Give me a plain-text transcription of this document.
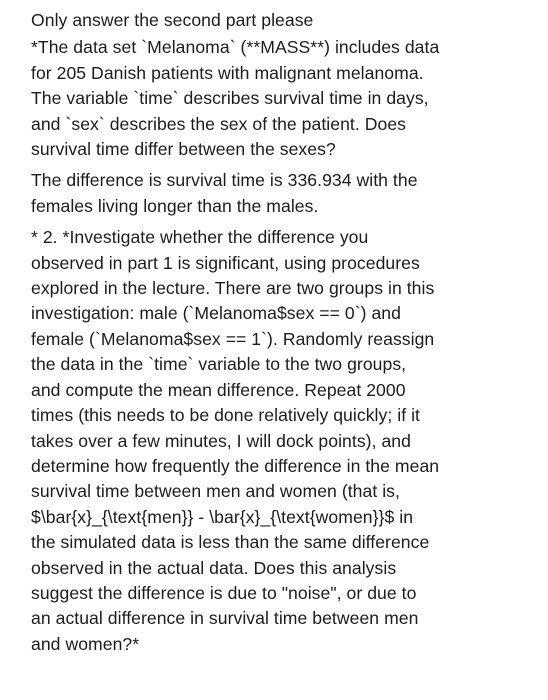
Only answer the second part please

*The data set `Melanoma` (**MASS**) includes data
for 205 Danish patients with malignant melanoma.
The variable `time` describes survival time in days,
and `sex` describes the sex of the patient. Does
survival time differ between the sexes?

The difference is survival time is 336.934 with the
females living longer than the males.

* 2. *Investigate whether the difference you
observed in part 1 is significant, using procedures
explored in the lecture. There are two groups in this
investigation: male (`Melanoma$sex == 0`) and
female (`Melanoma$sex == 1`). Randomly reassign
the data in the `time` variable to the two groups,
and compute the mean difference. Repeat 2000
times (this needs to be done relatively quickly; if it
takes over a few minutes, I will dock points), and
determine how frequently the difference in the mean
survival time between men and women (that is,
$\bar{x}_{\text{men}} - \bar{x}_{\text{women}}$ in
the simulated data is less than the same difference
observed in the actual data. Does this analysis
suggest the difference is due to "noise", or due to
an actual difference in survival time between men
and women?*
